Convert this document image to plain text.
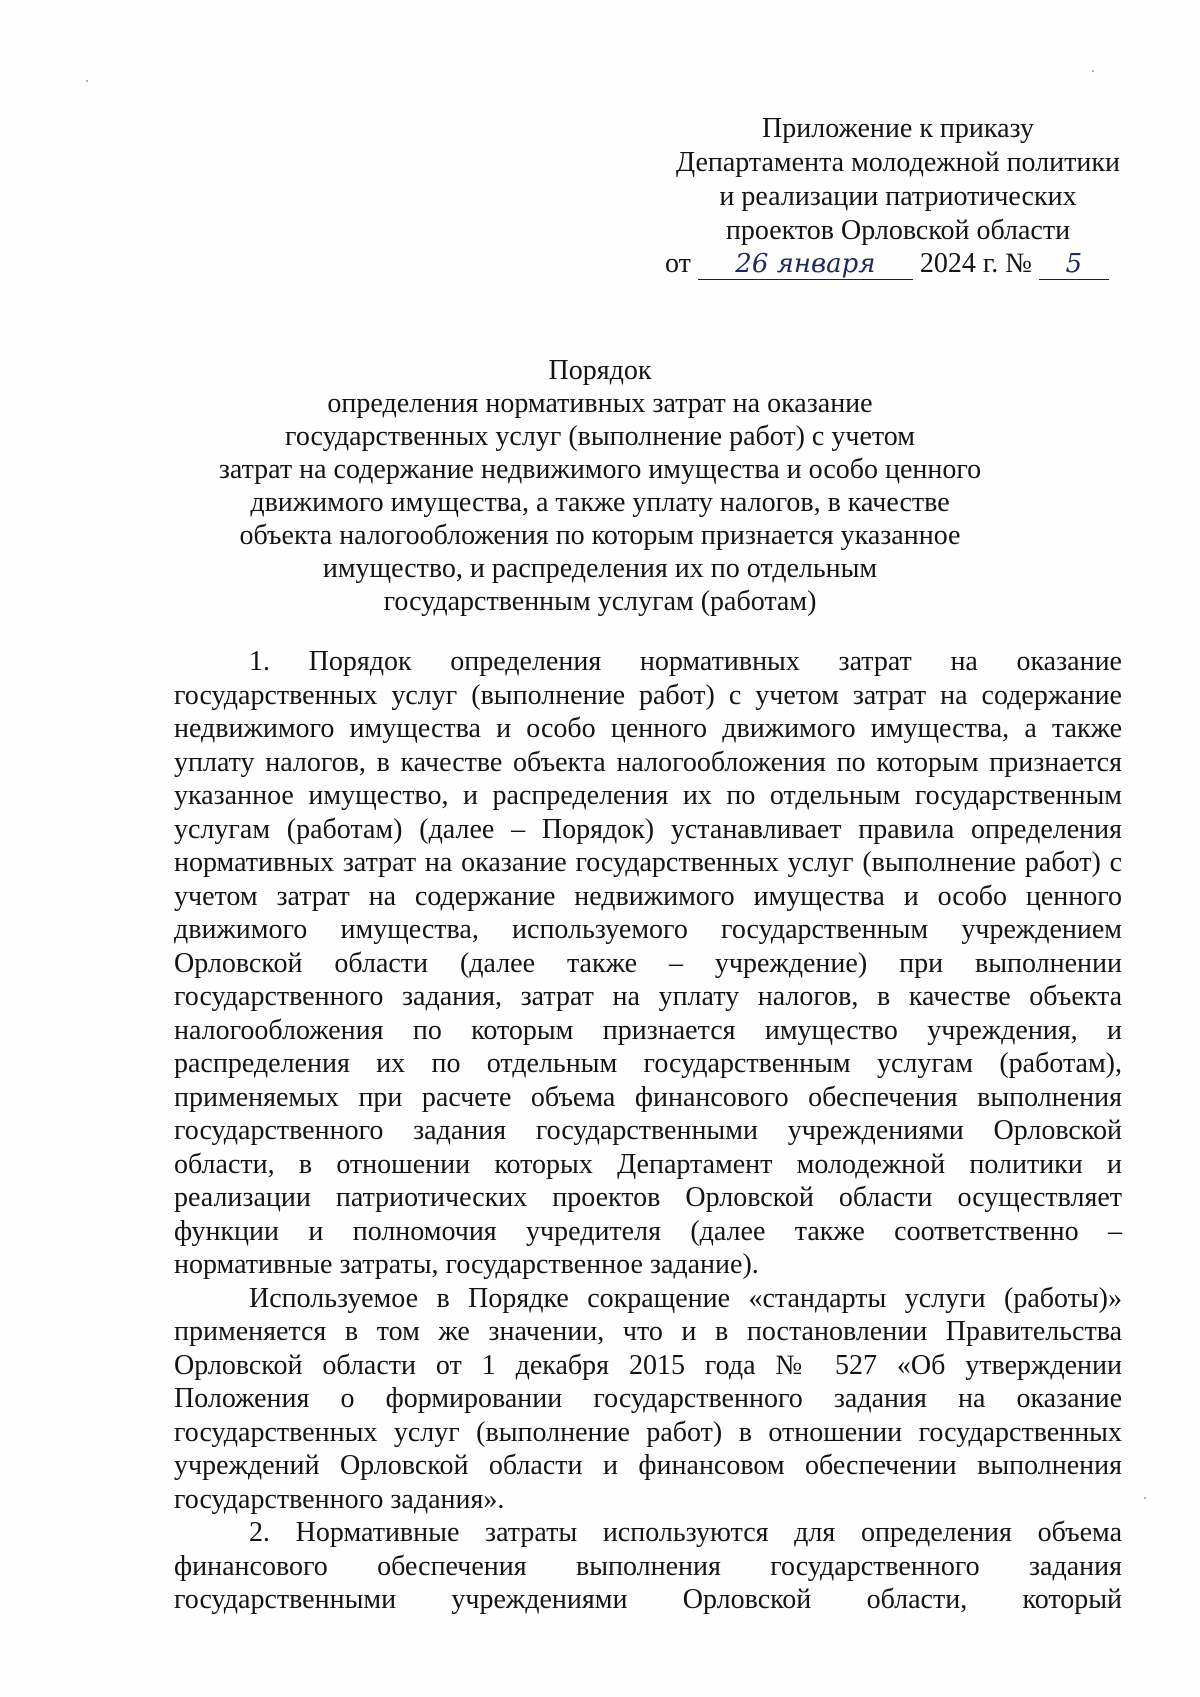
Приложение к приказу
Департамента молодежной политики
и реализации патриотических
проектов Орловской области
от 26 января 2024 г. № 5
Порядок
определения нормативных затрат на оказание
государственных услуг (выполнение работ) с учетом
затрат на содержание недвижимого имущества и особо ценного
движимого имущества, а также уплату налогов, в качестве
объекта налогообложения по которым признается указанное
имущество, и распределения их по отдельным
государственным услугам (работам)

1. Порядок определения нормативных затрат на оказание государственных услуг (выполнение работ) с учетом затрат на содержание недвижимого имущества и особо ценного движимого имущества, а также уплату налогов, в качестве объекта налогообложения по которым признается указанное имущество, и распределения их по отдельным государственным услугам (работам) (далее – Порядок) устанавливает правила определения нормативных затрат на оказание государственных услуг (выполнение работ) с учетом затрат на содержание недвижимого имущества и особо ценного движимого имущества, используемого государственным учреждением Орловской области (далее также – учреждение) при выполнении государственного задания, затрат на уплату налогов, в качестве объекта налогообложения по которым признается имущество учреждения, и распределения их по отдельным государственным услугам (работам), применяемых при расчете объема финансового обеспечения выполнения государственного задания государственными учреждениями Орловской области, в отношении которых Департамент молодежной политики и реализации патриотических проектов Орловской области осуществляет функции и полномочия учредителя (далее также соответственно – нормативные затраты, государственное задание).

Используемое в Порядке сокращение «стандарты услуги (работы)» применяется в том же значении, что и в постановлении Правительства Орловской области от 1 декабря 2015 года № 527 «Об утверждении Положения о формировании государственного задания на оказание государственных услуг (выполнение работ) в отношении государственных учреждений Орловской области и финансовом обеспечении выполнения государственного задания».

2. Нормативные затраты используются для определения объема финансового обеспечения выполнения государственного задания государственными учреждениями Орловской области, который
